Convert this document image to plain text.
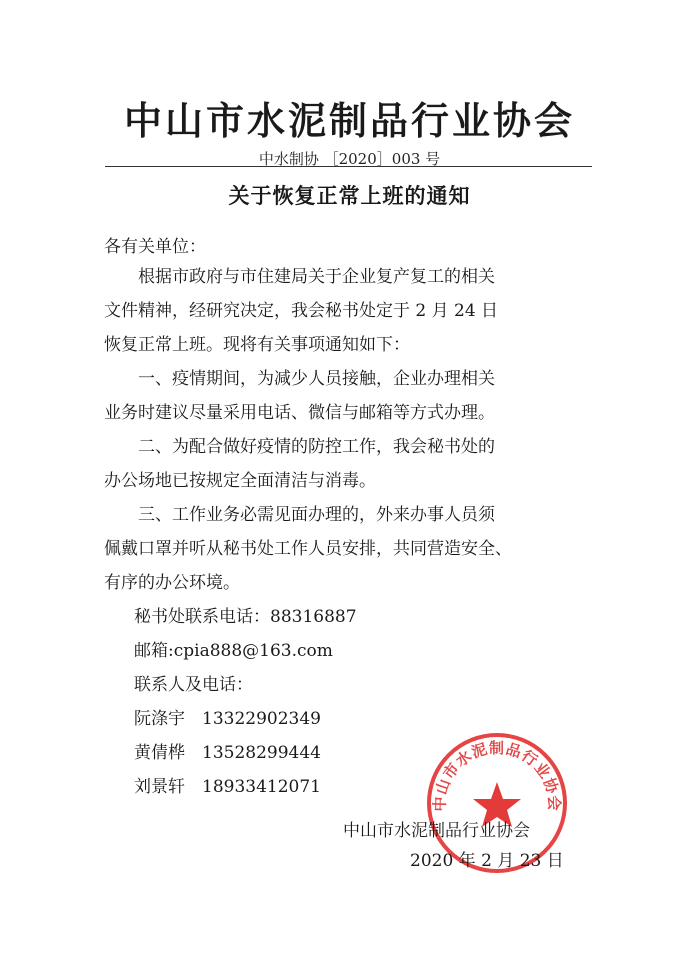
中山市水泥制品行业协会
中水制协 ［2020］003 号
关于恢复正常上班的通知
各有关单位：
　　根据市政府与市住建局关于企业复产复工的相关
文件精神，经研究决定，我会秘书处定于 2 月 24 日
恢复正常上班。现将有关事项通知如下：
　　一、疫情期间，为减少人员接触，企业办理相关
业务时建议尽量采用电话、微信与邮箱等方式办理。
　　二、为配合做好疫情的防控工作，我会秘书处的
办公场地已按规定全面清洁与消毒。
　　三、工作业务必需见面办理的，外来办事人员须
佩戴口罩并听从秘书处工作人员安排，共同营造安全、
有序的办公环境。
秘书处联系电话：88316887
邮箱:cpia888@163.com
联系人及电话：
阮涤宇　13322902349
黄倩桦　13528299444
刘景轩　18933412071
中山市水泥制品行业协会
中山市水泥制品行业协会
2020 年 2 月 23 日
